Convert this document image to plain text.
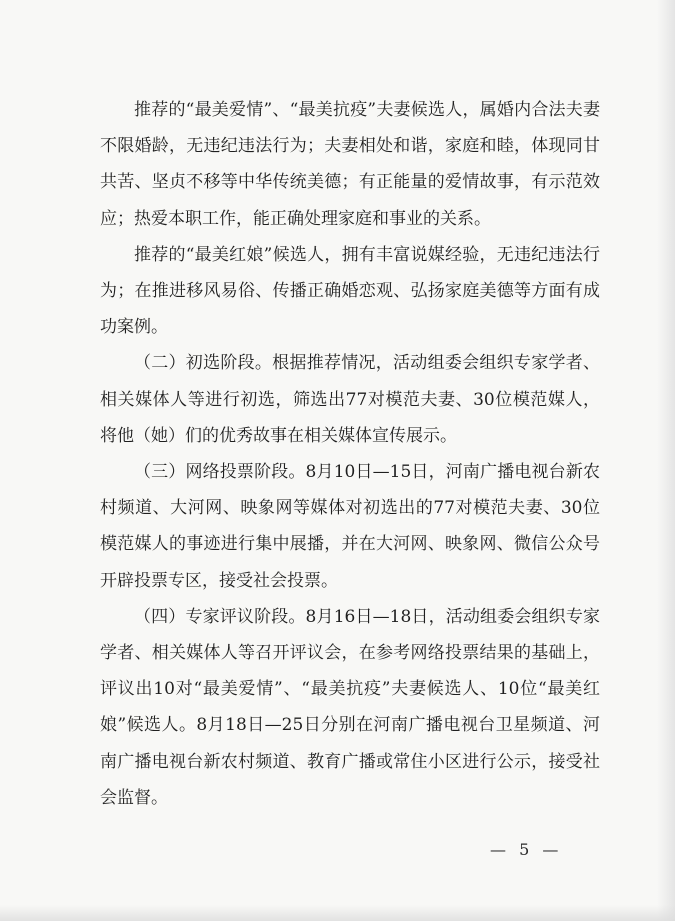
推荐的“最美爱情”、“最美抗疫”夫妻候选人，属婚内合法夫妻不限婚龄，无违纪违法行为；夫妻相处和谐，家庭和睦，体现同甘共苦、坚贞不移等中华传统美德；有正能量的爱情故事，有示范效应；热爱本职工作，能正确处理家庭和事业的关系。

推荐的“最美红娘”候选人，拥有丰富说媒经验，无违纪违法行为；在推进移风易俗、传播正确婚恋观、弘扬家庭美德等方面有成功案例。

（二）初选阶段。根据推荐情况，活动组委会组织专家学者、相关媒体人等进行初选，筛选出77对模范夫妻、30位模范媒人，将他（她）们的优秀故事在相关媒体宣传展示。

（三）网络投票阶段。8月10日—15日，河南广播电视台新农村频道、大河网、映象网等媒体对初选出的77对模范夫妻、30位模范媒人的事迹进行集中展播，并在大河网、映象网、微信公众号开辟投票专区，接受社会投票。

（四）专家评议阶段。8月16日—18日，活动组委会组织专家学者、相关媒体人等召开评议会，在参考网络投票结果的基础上，评议出10对“最美爱情”、“最美抗疫”夫妻候选人、10位“最美红娘”候选人。8月18日—25日分别在河南广播电视台卫星频道、河南广播电视台新农村频道、教育广播或常住小区进行公示，接受社会监督。

— 5 —
